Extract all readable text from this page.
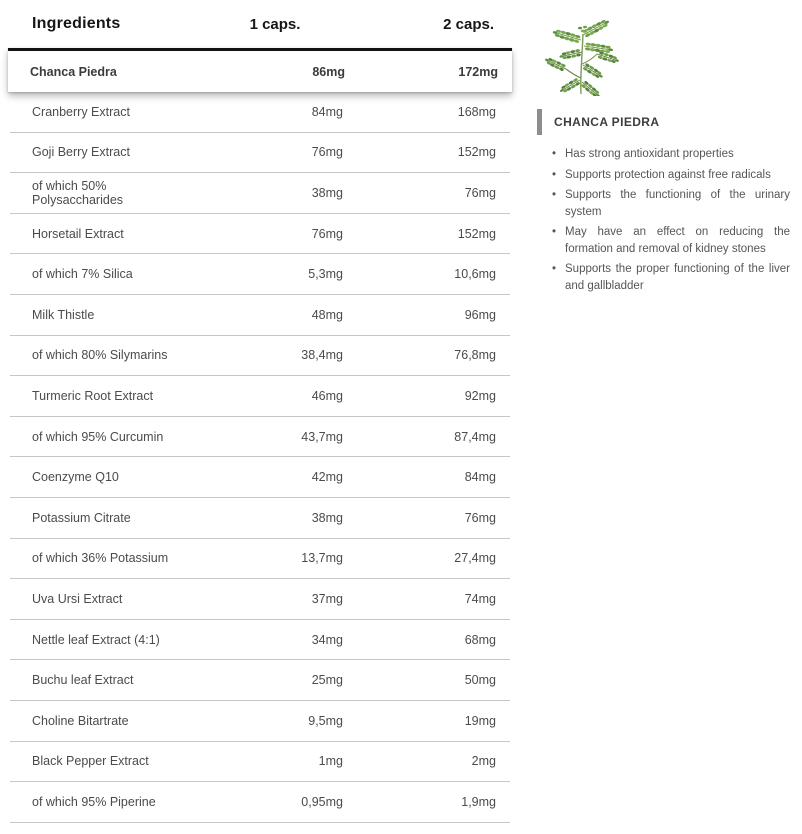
Ingredients	1 caps.	2 caps.
Chanca Piedra	86mg	172mg
Cranberry Extract	84mg	168mg
Goji Berry Extract	76mg	152mg
of which 50% Polysaccharides	38mg	76mg
Horsetail Extract	76mg	152mg
of which 7% Silica	5,3mg	10,6mg
Milk Thistle	48mg	96mg
of which 80% Silymarins	38,4mg	76,8mg
Turmeric Root Extract	46mg	92mg
of which 95% Curcumin	43,7mg	87,4mg
Coenzyme Q10	42mg	84mg
Potassium Citrate	38mg	76mg
of which 36% Potassium	13,7mg	27,4mg
Uva Ursi Extract	37mg	74mg
Nettle leaf Extract (4:1)	34mg	68mg
Buchu leaf Extract	25mg	50mg
Choline Bitartrate	9,5mg	19mg
Black Pepper Extract	1mg	2mg
of which 95% Piperine	0,95mg	1,9mg
CHANCA PIEDRA
• Has strong antioxidant properties
• Supports protection against free radicals
• Supports the functioning of the urinary system
• May have an effect on reducing the formation and removal of kidney stones
• Supports the proper functioning of the liver and gallbladder
